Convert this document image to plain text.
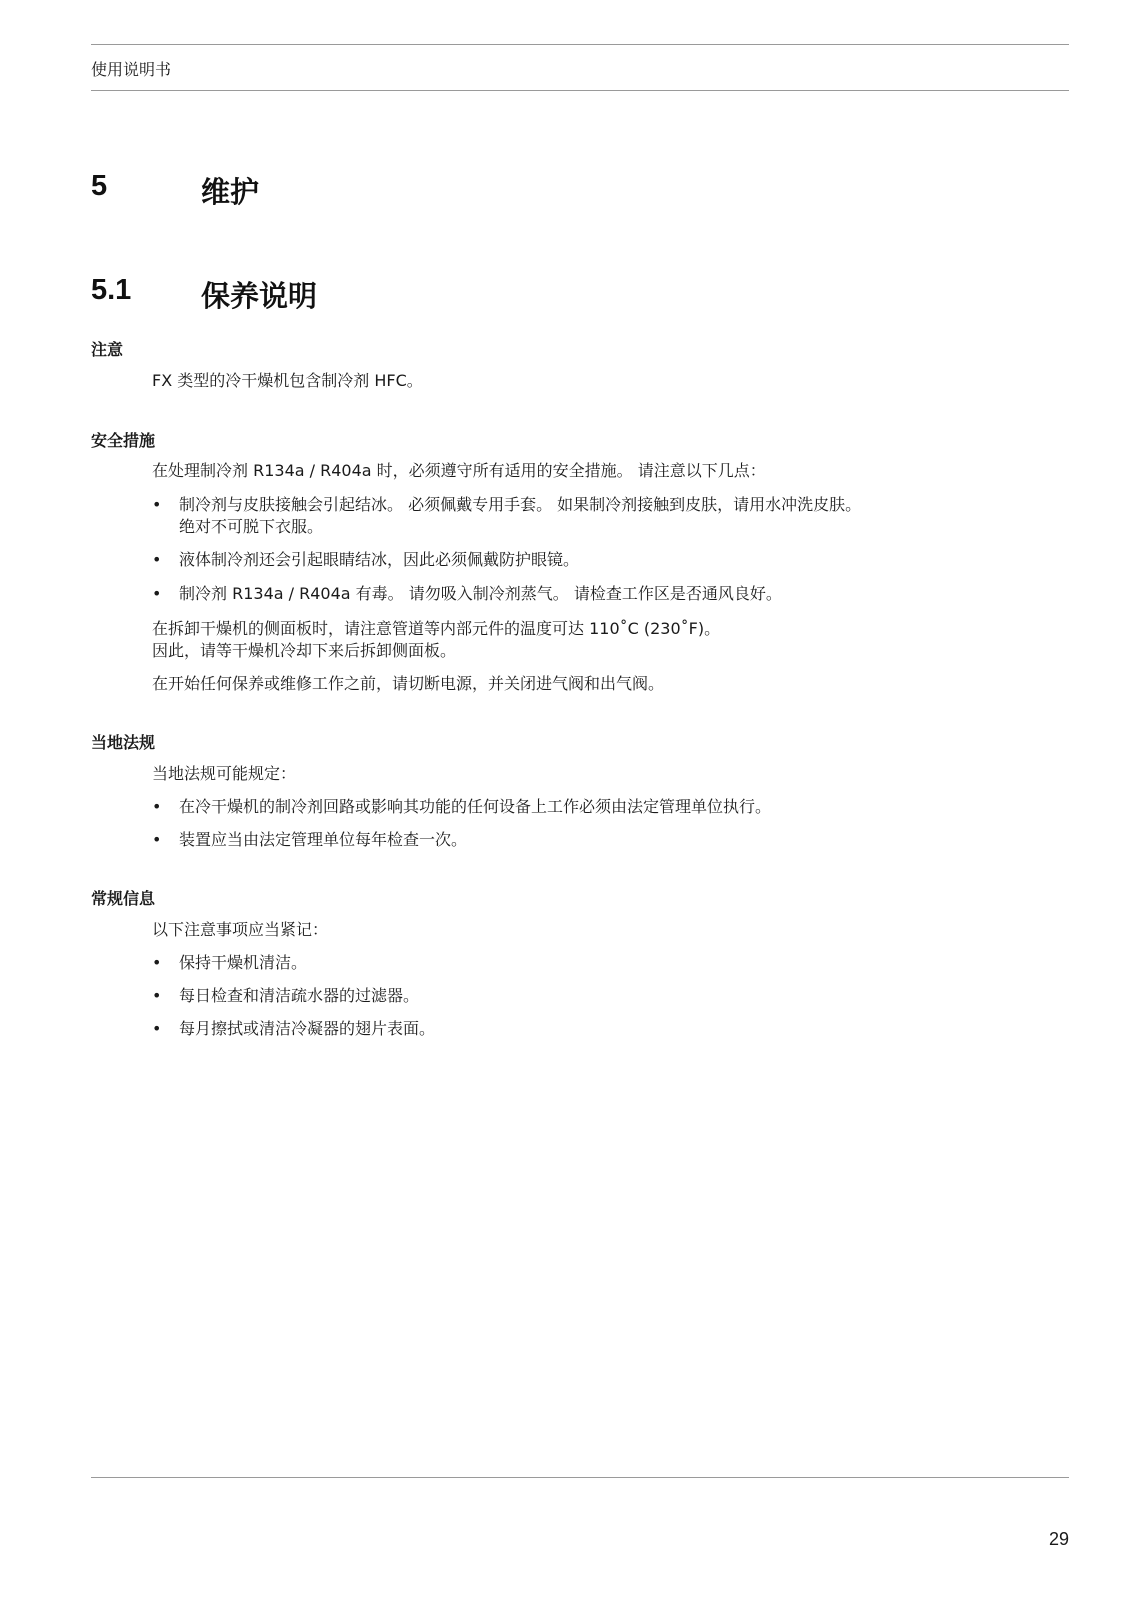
使用说明书
5	维护
5.1 保养说明
注意
FX 类型的冷干燥机包含制冷剂 HFC。
安全措施
在处理制冷剂 R134a / R404a 时，必须遵守所有适用的安全措施。 请注意以下几点：
• 制冷剂与皮肤接触会引起结冰。 必须佩戴专用手套。 如果制冷剂接触到皮肤，请用水冲洗皮肤。
绝对不可脱下衣服。
• 液体制冷剂还会引起眼睛结冰，因此必须佩戴防护眼镜。
• 制冷剂 R134a / R404a 有毒。 请勿吸入制冷剂蒸气。 请检查工作区是否通风良好。
在拆卸干燥机的侧面板时，请注意管道等内部元件的温度可达 110˚C (230˚F)。
因此，请等干燥机冷却下来后拆卸侧面板。
在开始任何保养或维修工作之前，请切断电源，并关闭进气阀和出气阀。
当地法规
当地法规可能规定：
• 在冷干燥机的制冷剂回路或影响其功能的任何设备上工作必须由法定管理单位执行。
• 装置应当由法定管理单位每年检查一次。
常规信息
以下注意事项应当紧记：
• 保持干燥机清洁。
• 每日检查和清洁疏水器的过滤器。
• 每月擦拭或清洁冷凝器的翅片表面。
29
